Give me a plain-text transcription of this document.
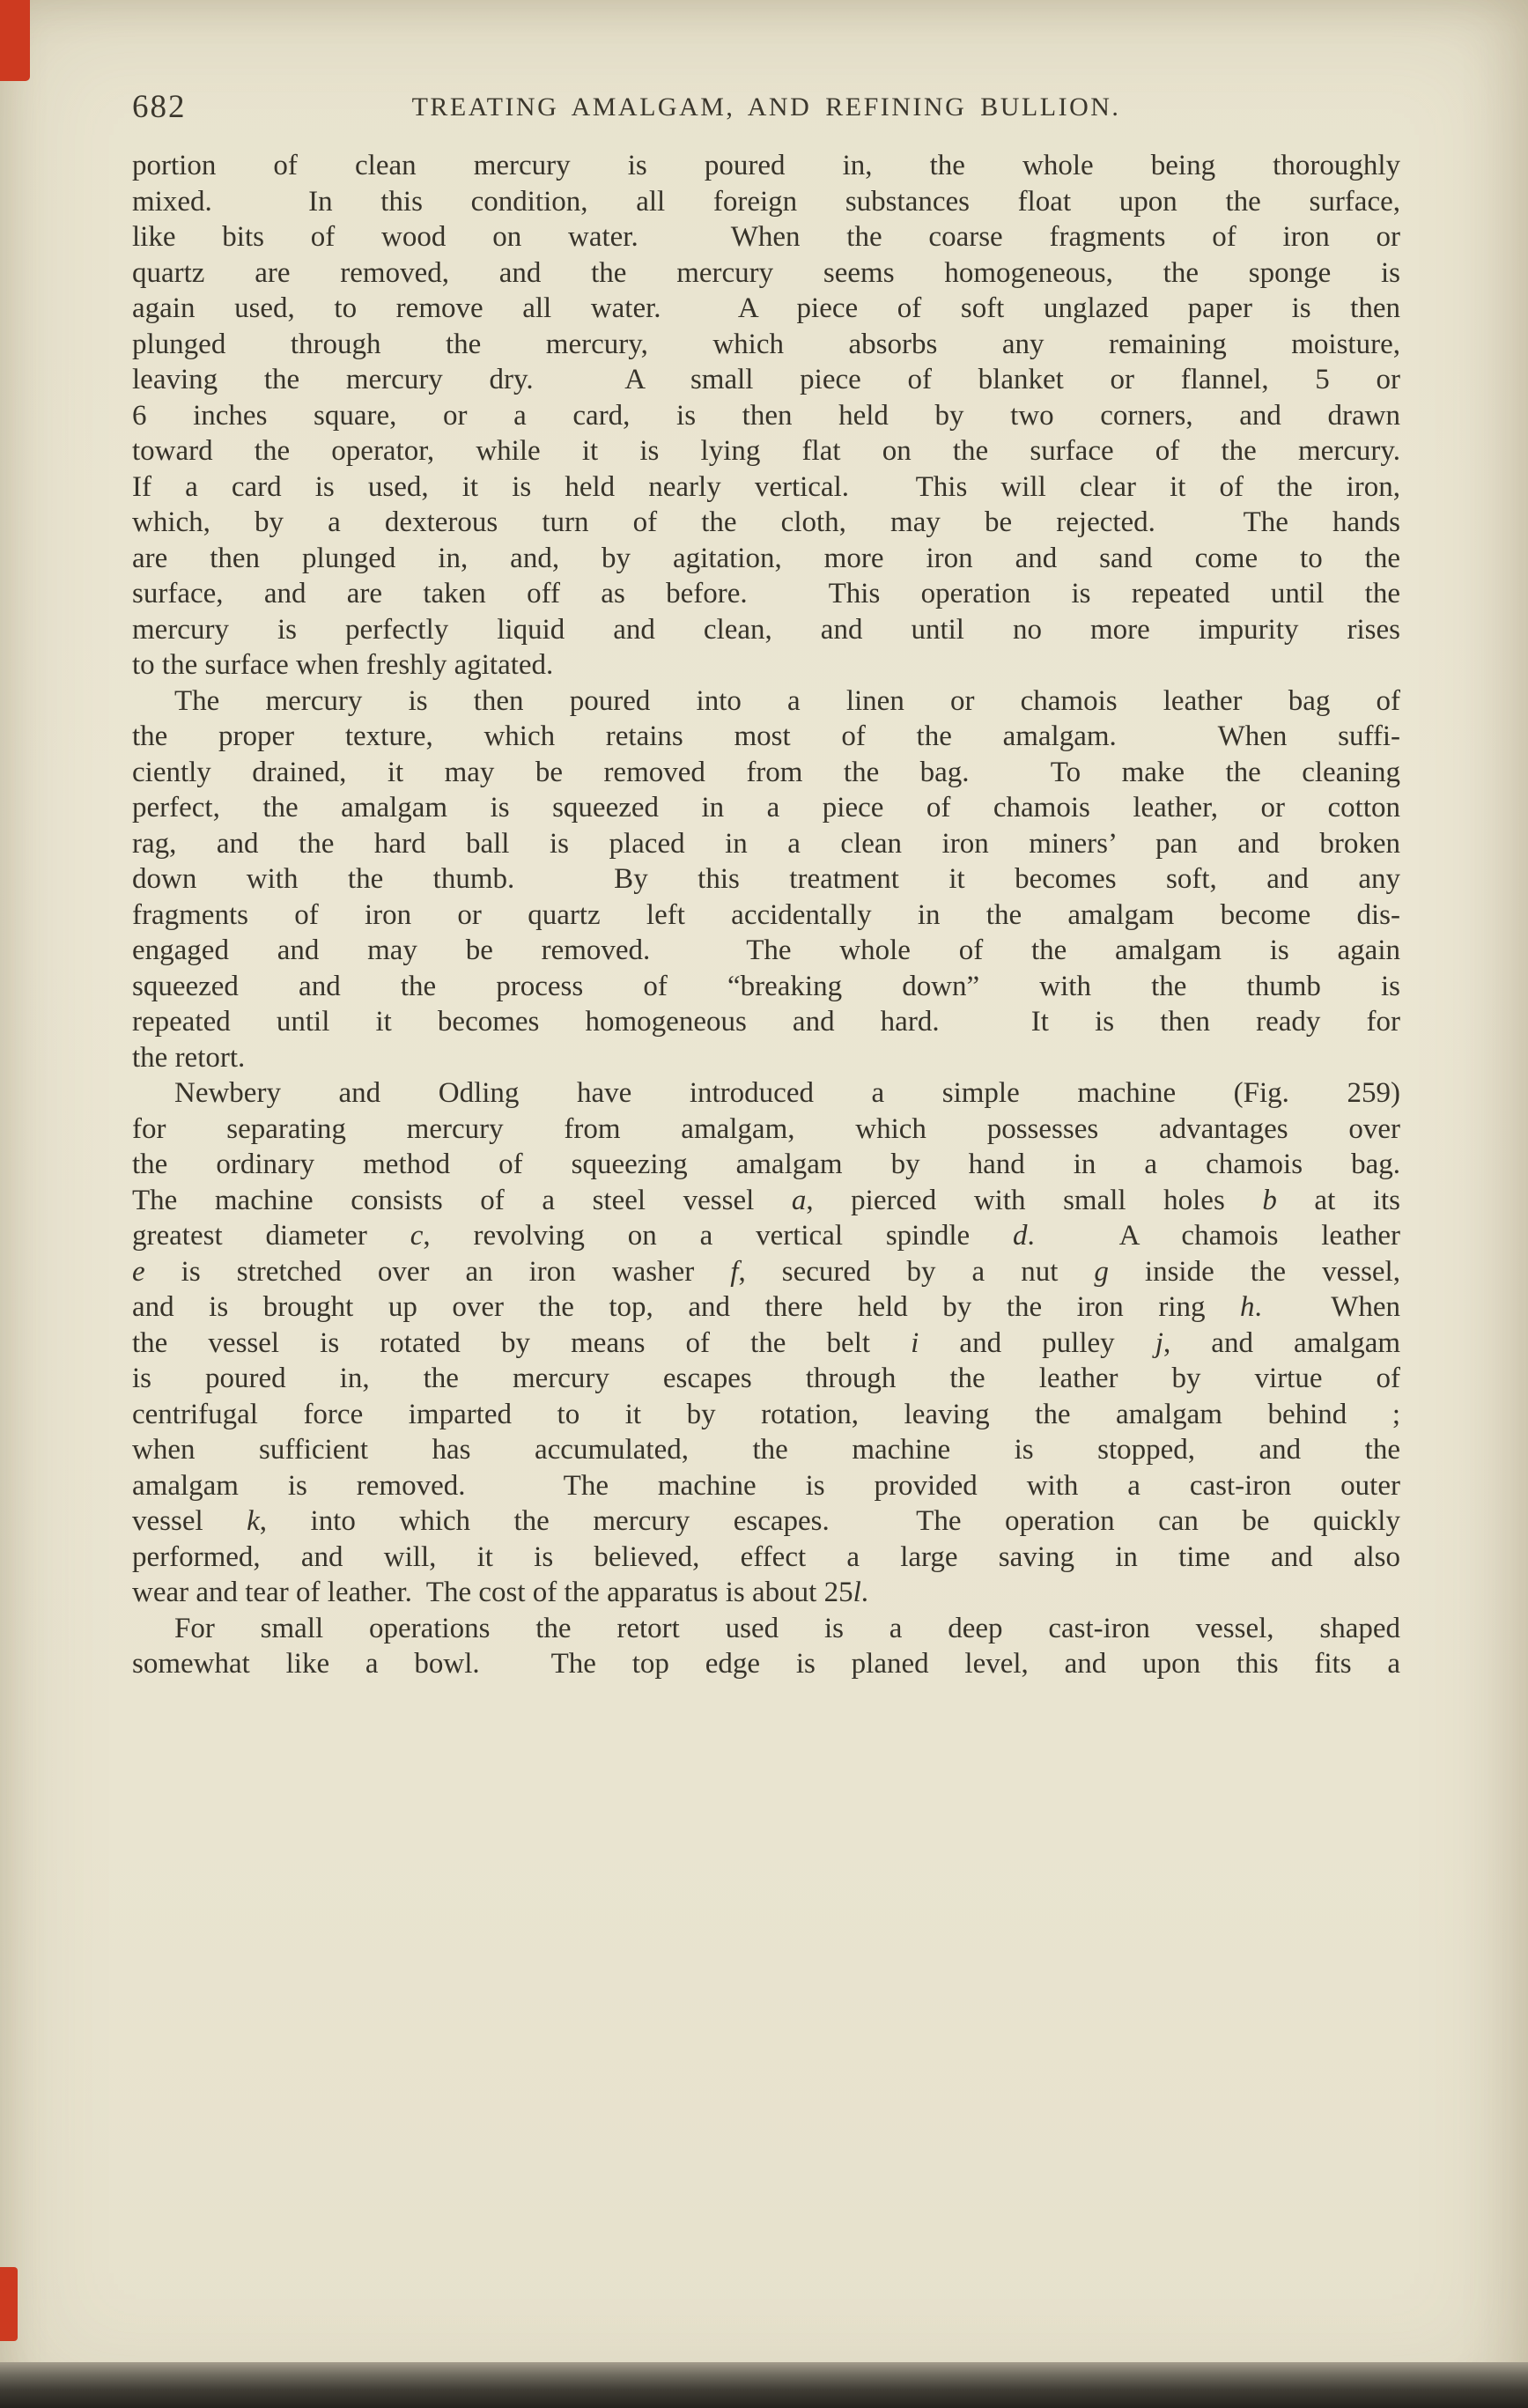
682	TREATING AMALGAM, AND REFINING BULLION.
portion of clean mercury is poured in, the whole being thoroughly
mixed.  In this condition, all foreign substances float upon the surface,
like bits of wood on water.  When the coarse fragments of iron or
quartz are removed, and the mercury seems homogeneous, the sponge is
again used, to remove all water.  A piece of soft unglazed paper is then
plunged through the mercury, which absorbs any remaining moisture,
leaving the mercury dry.  A small piece of blanket or flannel, 5 or
6 inches square, or a card, is then held by two corners, and drawn
toward the operator, while it is lying flat on the surface of the mercury.
If a card is used, it is held nearly vertical.  This will clear it of the iron,
which, by a dexterous turn of the cloth, may be rejected.  The hands
are then plunged in, and, by agitation, more iron and sand come to the
surface, and are taken off as before.  This operation is repeated until the
mercury is perfectly liquid and clean, and until no more impurity rises
to the surface when freshly agitated.
The mercury is then poured into a linen or chamois leather bag of
the proper texture, which retains most of the amalgam.  When suffi-
ciently drained, it may be removed from the bag.  To make the cleaning
perfect, the amalgam is squeezed in a piece of chamois leather, or cotton
rag, and the hard ball is placed in a clean iron miners’ pan and broken
down with the thumb.  By this treatment it becomes soft, and any
fragments of iron or quartz left accidentally in the amalgam become dis-
engaged and may be removed.  The whole of the amalgam is again
squeezed and the process of “breaking down” with the thumb is
repeated until it becomes homogeneous and hard.  It is then ready for
the retort.
Newbery and Odling have introduced a simple machine (Fig. 259)
for separating mercury from amalgam, which possesses advantages over
the ordinary method of squeezing amalgam by hand in a chamois bag.
The machine consists of a steel vessel a, pierced with small holes b at its
greatest diameter c, revolving on a vertical spindle d.  A chamois leather
e is stretched over an iron washer f, secured by a nut g inside the vessel,
and is brought up over the top, and there held by the iron ring h.  When
the vessel is rotated by means of the belt i and pulley j, and amalgam
is poured in, the mercury escapes through the leather by virtue of
centrifugal force imparted to it by rotation, leaving the amalgam behind ;
when sufficient has accumulated, the machine is stopped, and the
amalgam is removed.  The machine is provided with a cast-iron outer
vessel k, into which the mercury escapes.  The operation can be quickly
performed, and will, it is believed, effect a large saving in time and also
wear and tear of leather.  The cost of the apparatus is about 25l.
For small operations the retort used is a deep cast-iron vessel, shaped
somewhat like a bowl.  The top edge is planed level, and upon this fits a
